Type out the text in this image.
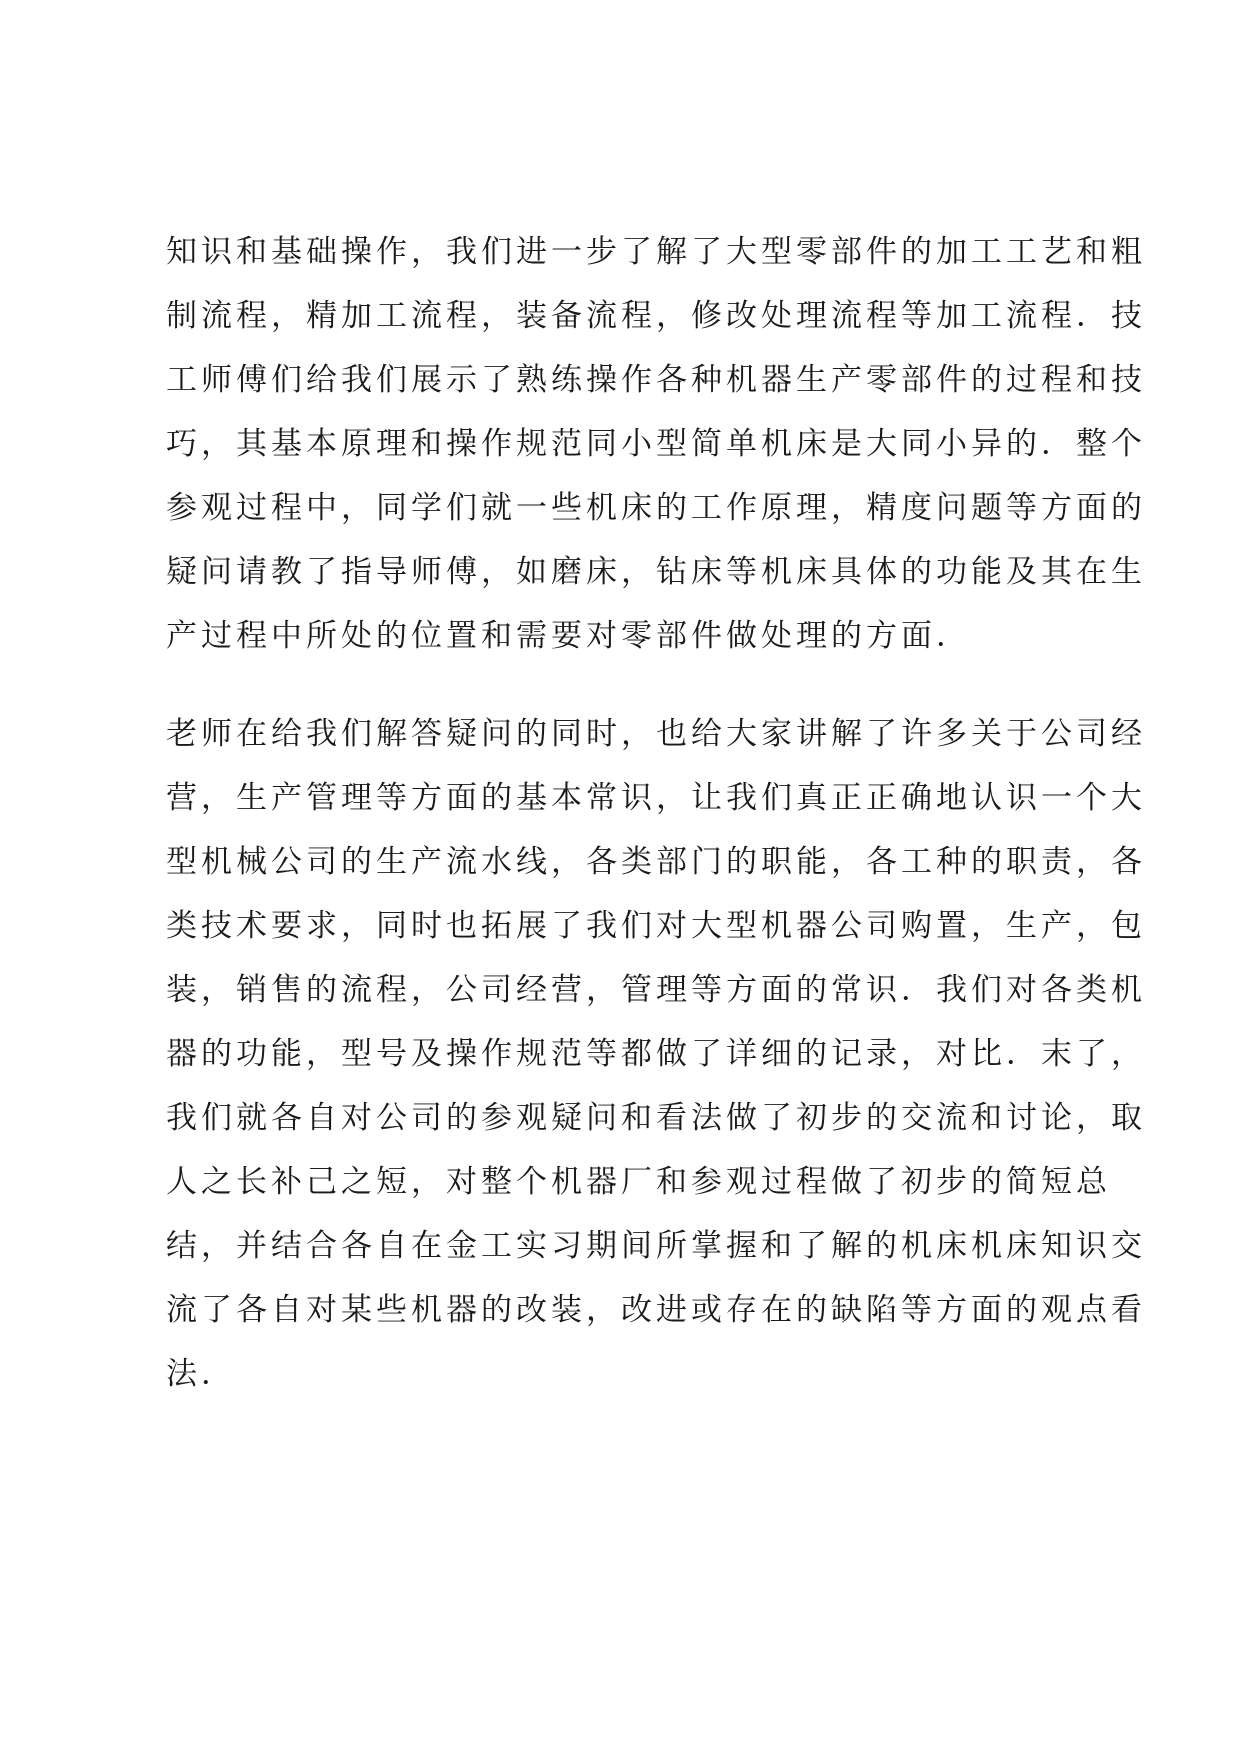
知识和基础操作，我们进一步了解了大型零部件的加工工艺和粗
制流程，精加工流程，装备流程，修改处理流程等加工流程．技
工师傅们给我们展示了熟练操作各种机器生产零部件的过程和技
巧，其基本原理和操作规范同小型简单机床是大同小异的．整个
参观过程中，同学们就一些机床的工作原理，精度问题等方面的
疑问请教了指导师傅，如磨床，钻床等机床具体的功能及其在生
产过程中所处的位置和需要对零部件做处理的方面．
老师在给我们解答疑问的同时，也给大家讲解了许多关于公司经
营，生产管理等方面的基本常识，让我们真正正确地认识一个大
型机械公司的生产流水线，各类部门的职能，各工种的职责，各
类技术要求，同时也拓展了我们对大型机器公司购置，生产，包
装，销售的流程，公司经营，管理等方面的常识．我们对各类机
器的功能，型号及操作规范等都做了详细的记录，对比．末了，
我们就各自对公司的参观疑问和看法做了初步的交流和讨论，取
人之长补己之短，对整个机器厂和参观过程做了初步的简短总
结，并结合各自在金工实习期间所掌握和了解的机床机床知识交
流了各自对某些机器的改装，改进或存在的缺陷等方面的观点看
法．
